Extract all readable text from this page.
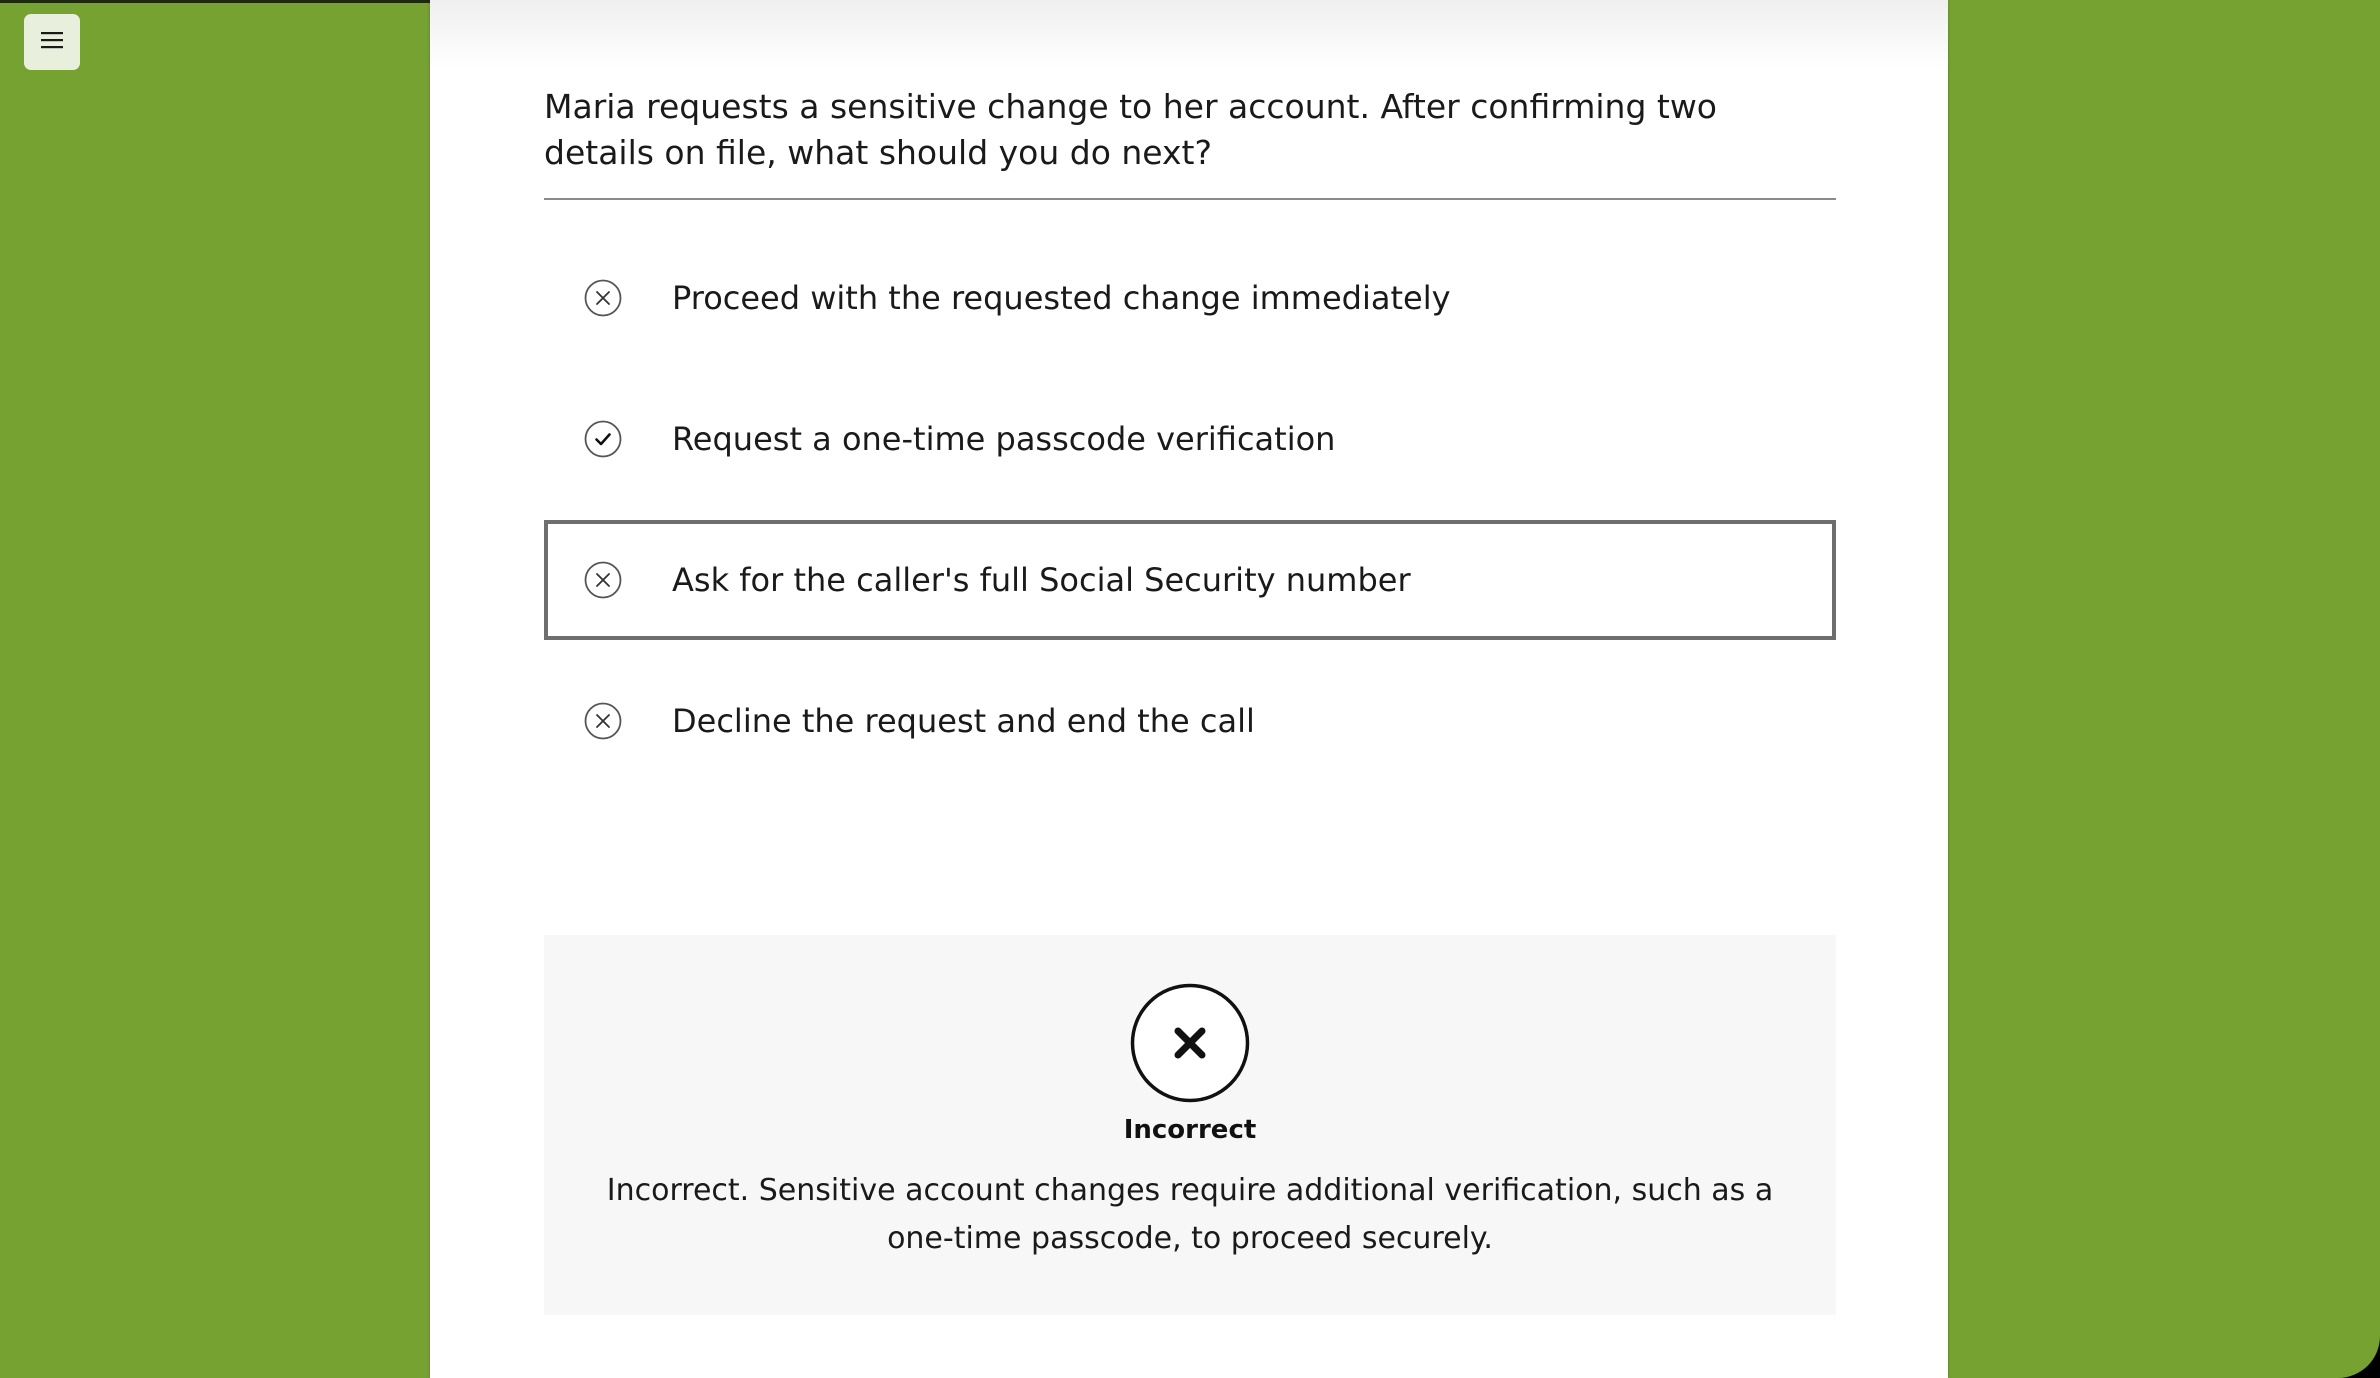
Maria requests a sensitive change to her account. After confirming two details on file, what should you do next?

Proceed with the requested change immediately
Request a one-time passcode verification
Ask for the caller's full Social Security number
Decline the request and end the call
Incorrect
Incorrect. Sensitive account changes require additional verification, such as a one-time passcode, to proceed securely.
